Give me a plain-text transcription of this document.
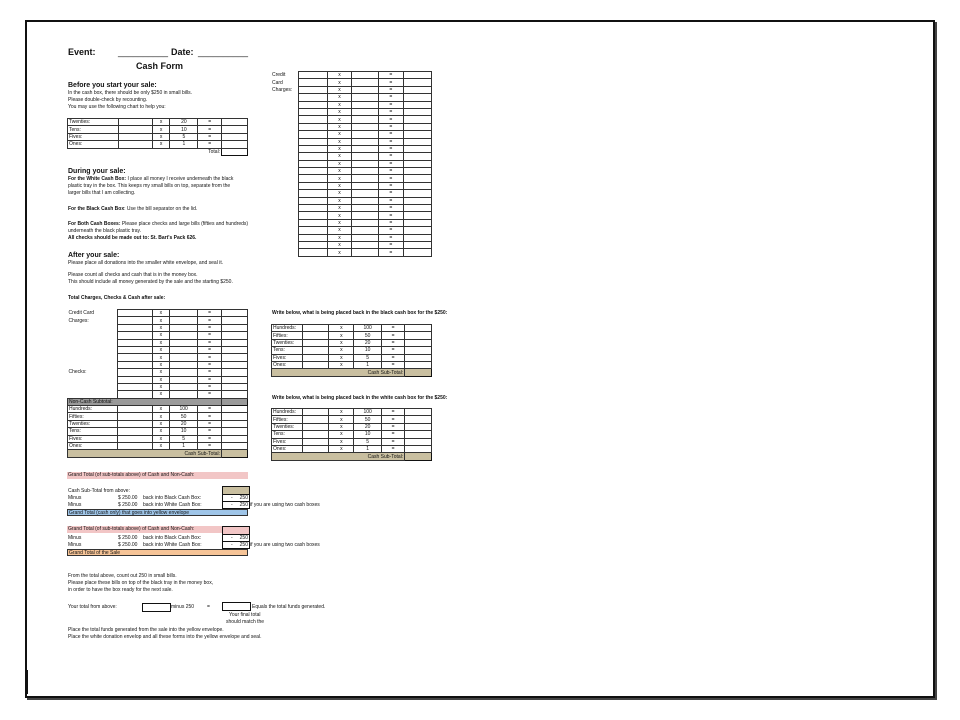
Event: __________ Date: __________
Cash Form
Before you start your sale:
In the cash box, there should be only $250 in small bills.
Please double-check by recounting.
You may use the following chart to help you:
Twenties:		x	20	=	
Tens:		x	10	=	
Fives:		x	5	=	
Ones:		x	1	=	
				Total:	
During your sale:
For the White Cash Box: I place all money I receive underneath the black
plastic tray in the box. This keeps my small bills on top, separate from the
larger bills that I am collecting.
For the Black Cash Box: Use the bill separator on the lid.
For Both Cash Boxes: Please place checks and large bills (fifties and hundreds)
underneath the black plastic tray.
All checks should be made out to: St. Bart's Pack 626.
After your sale:
Please place all donations into the smaller white envelope, and seal it.
Please count all checks and cash that is in the money box.
This should include all money generated by the sale and the starting $250.
Total Charges, Checks & Cash after sale:
Credit Card		x		=	
Charges:		x		=	
		x		=	
		x		=	
		x		=	
		x		=	
		x		=	
		x		=	
Checks:		x		=	
		x		=	
		x		=	
		x		=	
Non-Cash Subtotal:					
Hundreds:		x	100	=	
Fifties:		x	50	=	
Twenties:		x	20	=	
Tens:		x	10	=	
Fives:		x	5	=	
Ones:		x	1	=	
Cash Sub-Total:					
Credit		x		=	
Card		x		=	
Charges:		x		=	
		x		=	
		x		=	
		x		=	
		x		=	
		x		=	
		x		=	
		x		=	
		x		=	
		x		=	
		x		=	
		x		=	
		x		=	
		x		=	
		x		=	
		x		=	
		x		=	
		x		=	
		x		=	
		x		=	
		x		=	
		x		=	
		x		=	
Write below, what is being placed back in the black cash box for the $250:
Hundreds:		x	100	=	
Fifties:		x	50	=	
Twenties:		x	20	=	
Tens:		x	10	=	
Fives:		x	5	=	
Ones:		x	1	=	
Cash Sub-Total:					
Write below, what is being placed back in the white cash box for the $250:
Hundreds:		x	100	=	
Fifties:		x	50	=	
Twenties:		x	20	=	
Tens:		x	10	=	
Fives:		x	5	=	
Ones:		x	1	=	
Cash Sub-Total:					
Grand Total (of sub-totals above) of Cash and Non-Cash:
Cash Sub-Total from above:
Minus	$ 250.00 back into Black Cash Box:	- 250
Minus	$ 250.00 back into White Cash Box:	- 250 if you are using two cash boxes
Grand Total (cash only) that goes into yellow envelope
Grand Total (of sub-totals above) of Cash and Non-Cash:
Minus	$ 250.00 back into Black Cash Box:	- 250
Minus	$ 250.00 back into White Cash Box:	- 250 if you are using two cash boxes
Grand Total of the Sale
From the total above, count out 250 in small bills.
Please place these bills on top of the black tray in the money box,
in order to have the box ready for the next sale.
Your total from above:	minus 250	=	Equals the total funds generated.
Your final total
should match the
Place the total funds generated from the sale into the yellow envelope.
Place the white donation envelop and all these forms into the yellow envelope and seal.
